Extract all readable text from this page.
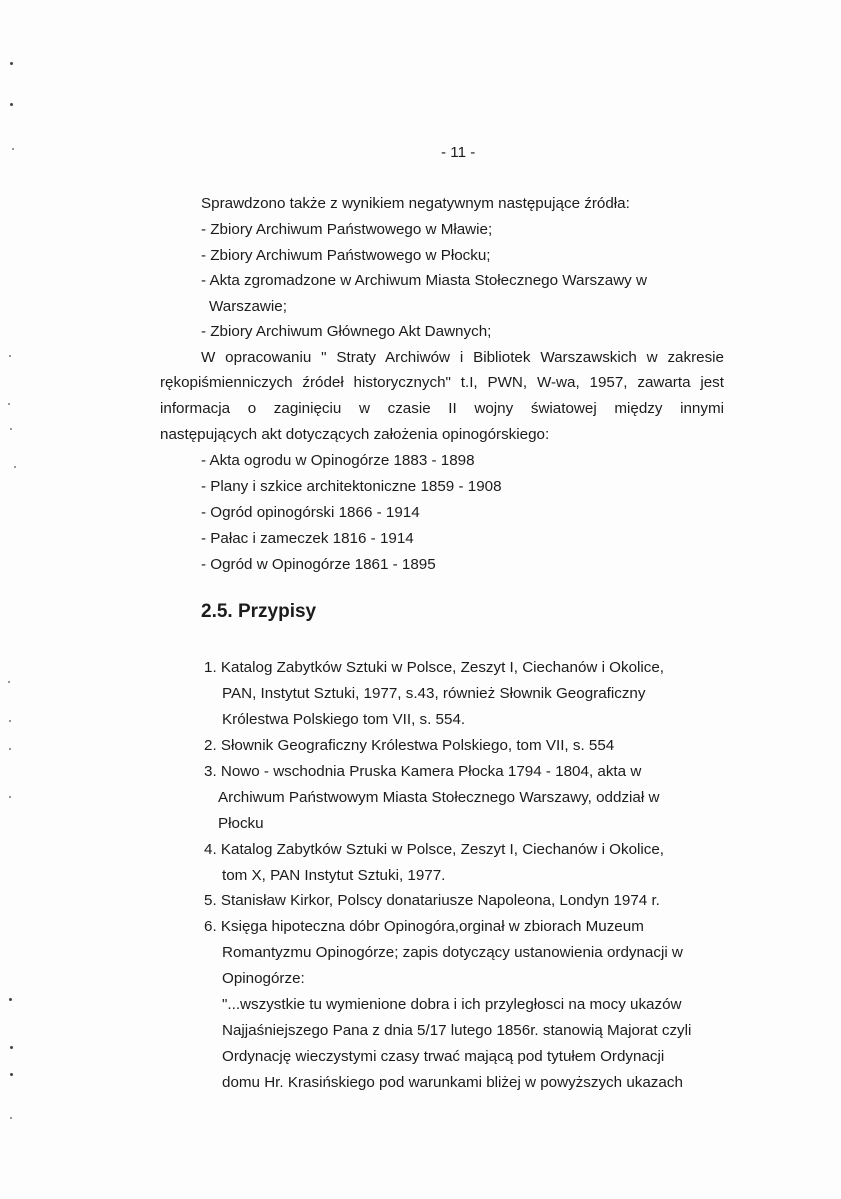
- 11 -
Sprawdzono także z wynikiem negatywnym następujące źródła:
- Zbiory Archiwum Państwowego w Mławie;
- Zbiory Archiwum Państwowego w Płocku;
- Akta zgromadzone w Archiwum Miasta Stołecznego Warszawy w
Warszawie;
- Zbiory Archiwum Głównego Akt Dawnych;
W opracowaniu " Straty Archiwów i Bibliotek Warszawskich w zakresie
rękopiśmienniczych źródeł historycznych" t.I, PWN, W-wa, 1957, zawarta jest
informacja o zaginięciu w czasie II wojny światowej między innymi
następujących akt dotyczących założenia opinogórskiego:
- Akta ogrodu w Opinogórze 1883 - 1898
- Plany i szkice architektoniczne 1859 - 1908
- Ogród opinogórski 1866 - 1914
- Pałac i zameczek 1816 - 1914
- Ogród w Opinogórze 1861 - 1895
2.5. Przypisy
1. Katalog Zabytków Sztuki w Polsce, Zeszyt I, Ciechanów i Okolice,
PAN, Instytut Sztuki, 1977, s.43, również Słownik Geograficzny
Królestwa Polskiego tom VII, s. 554.
2. Słownik Geograficzny Królestwa Polskiego, tom VII, s. 554
3. Nowo - wschodnia Pruska Kamera Płocka 1794 - 1804, akta w
Archiwum Państwowym Miasta Stołecznego Warszawy, oddział w
Płocku
4. Katalog Zabytków Sztuki w Polsce, Zeszyt I, Ciechanów i Okolice,
tom X, PAN Instytut Sztuki, 1977.
5. Stanisław Kirkor, Polscy donatariusze Napoleona, Londyn 1974 r.
6. Księga hipoteczna dóbr Opinogóra,orginał w zbiorach Muzeum
Romantyzmu Opinogórze; zapis dotyczący ustanowienia ordynacji w
Opinogórze:
"...wszystkie tu wymienione dobra i ich przyległosci na mocy ukazów
Najjaśniejszego Pana z dnia 5/17 lutego 1856r. stanowią Majorat czyli
Ordynację wieczystymi czasy trwać mającą pod tytułem Ordynacji
domu Hr. Krasińskiego pod warunkami bliżej w powyższych ukazach
